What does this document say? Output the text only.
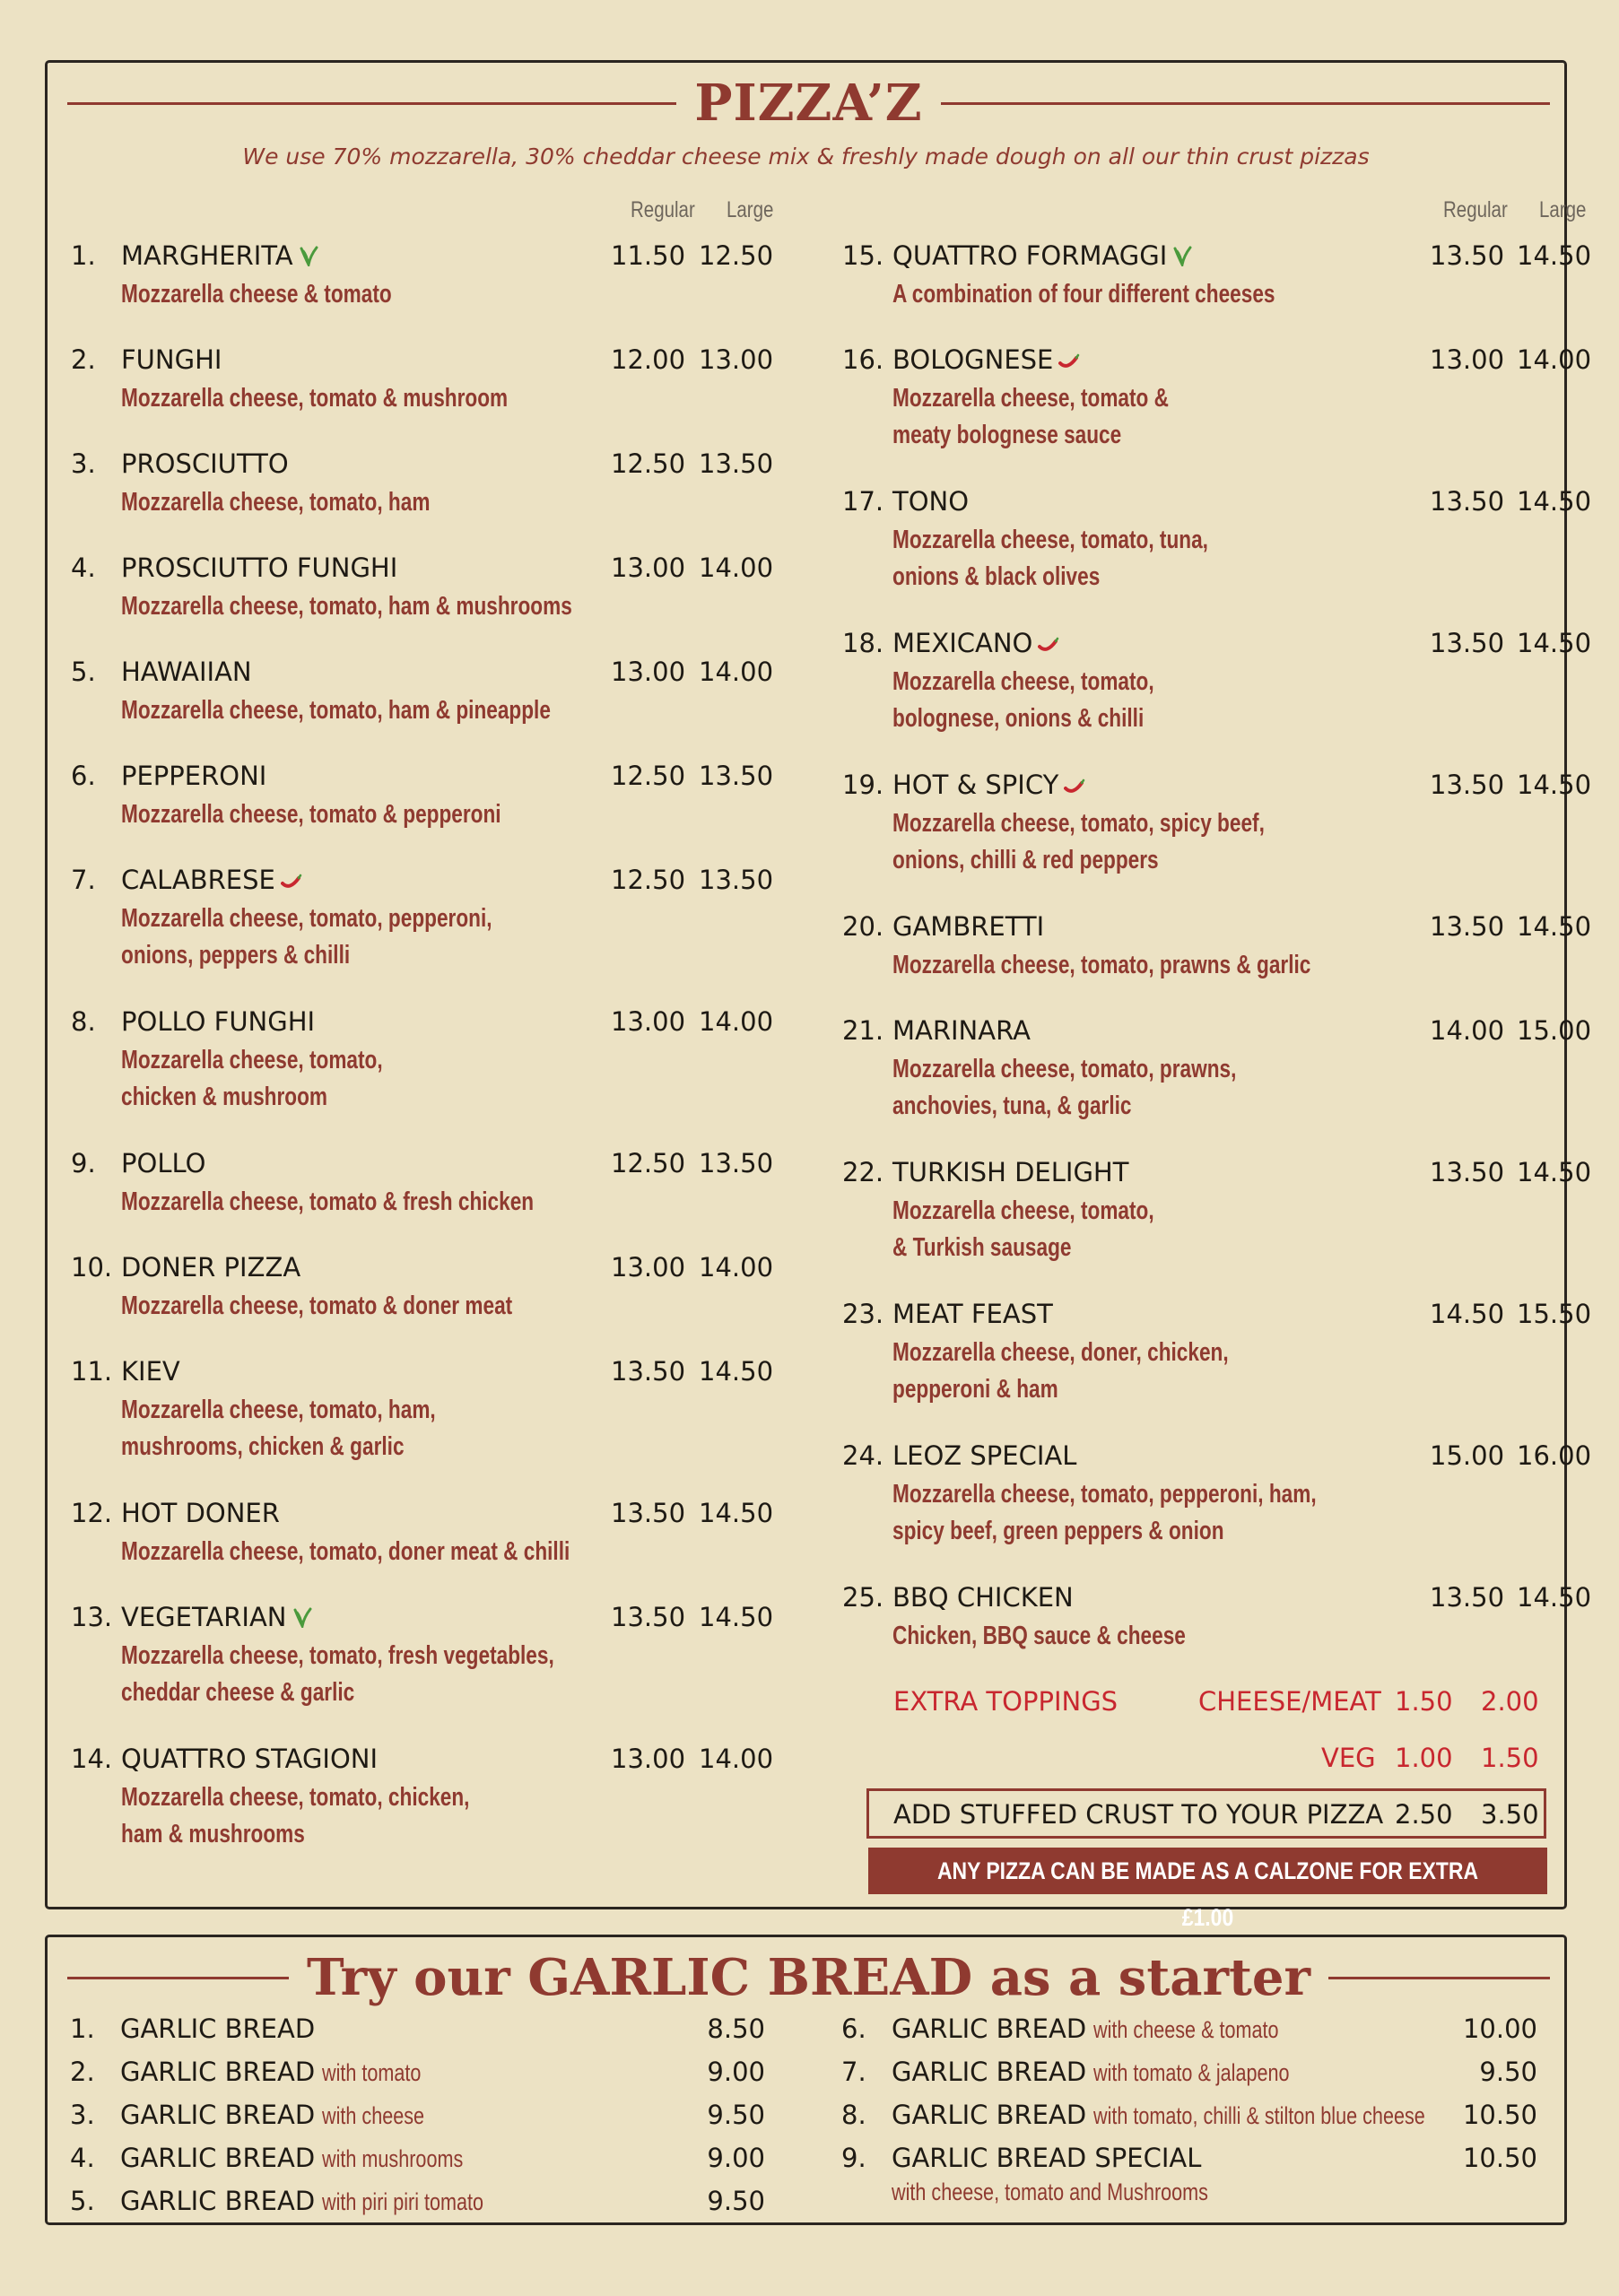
PIZZA’Z
We use 70% mozzarella, 30% cheddar cheese mix & freshly made dough on all our thin crust pizzas
Regular Large
1. MARGHERITA	11.50 12.50
Mozzarella cheese & tomato
2. FUNGHI	12.00 13.00
Mozzarella cheese, tomato & mushroom
3. PROSCIUTTO	12.50 13.50
Mozzarella cheese, tomato, ham
4. PROSCIUTTO FUNGHI	13.00 14.00
Mozzarella cheese, tomato, ham & mushrooms
5. HAWAIIAN	13.00 14.00
Mozzarella cheese, tomato, ham & pineapple
6. PEPPERONI	12.50 13.50
Mozzarella cheese, tomato & pepperoni
7. CALABRESE	12.50 13.50
Mozzarella cheese, tomato, pepperoni,
onions, peppers & chilli
8. POLLO FUNGHI	13.00 14.00
Mozzarella cheese, tomato,
chicken & mushroom
9. POLLO	12.50 13.50
Mozzarella cheese, tomato & fresh chicken
10. DONER PIZZA	13.00 14.00
Mozzarella cheese, tomato & doner meat
11. KIEV	13.50 14.50
Mozzarella cheese, tomato, ham,
mushrooms, chicken & garlic
12. HOT DONER	13.50 14.50
Mozzarella cheese, tomato, doner meat & chilli
13. VEGETARIAN	13.50 14.50
Mozzarella cheese, tomato, fresh vegetables,
cheddar cheese & garlic
14. QUATTRO STAGIONI	13.00 14.00
Mozzarella cheese, tomato, chicken,
ham & mushrooms
Regular Large
15. QUATTRO FORMAGGI	13.50 14.50
A combination of four different cheeses
16. BOLOGNESE	13.00 14.00
Mozzarella cheese, tomato &
meaty bolognese sauce
17. TONO	13.50 14.50
Mozzarella cheese, tomato, tuna,
onions & black olives
18. MEXICANO	13.50 14.50
Mozzarella cheese, tomato,
bolognese, onions & chilli
19. HOT & SPICY	13.50 14.50
Mozzarella cheese, tomato, spicy beef,
onions, chilli & red peppers
20. GAMBRETTI	13.50 14.50
Mozzarella cheese, tomato, prawns & garlic
21. MARINARA	14.00 15.00
Mozzarella cheese, tomato, prawns,
anchovies, tuna, & garlic
22. TURKISH DELIGHT	13.50 14.50
Mozzarella cheese, tomato,
& Turkish sausage
23. MEAT FEAST	14.50 15.50
Mozzarella cheese, doner, chicken,
pepperoni & ham
24. LEOZ SPECIAL	15.00 16.00
Mozzarella cheese, tomato, pepperoni, ham,
spicy beef, green peppers & onion
25. BBQ CHICKEN	13.50 14.50
Chicken, BBQ sauce & cheese
EXTRA TOPPINGS	CHEESE/MEAT 1.50 2.00
VEG 1.00 1.50
ADD STUFFED CRUST TO YOUR PIZZA 2.50 3.50
ANY PIZZA CAN BE MADE AS A CALZONE FOR EXTRA £1.00
Try our GARLIC BREAD as a starter
1. GARLIC BREAD	8.50
2. GARLIC BREAD with tomato	9.00
3. GARLIC BREAD with cheese	9.50
4. GARLIC BREAD with mushrooms	9.00
5. GARLIC BREAD with piri piri tomato	9.50
6. GARLIC BREAD with cheese & tomato	10.00
7. GARLIC BREAD with tomato & jalapeno	9.50
8. GARLIC BREAD with tomato, chilli & stilton blue cheese	10.50
9. GARLIC BREAD SPECIAL	10.50
with cheese, tomato and Mushrooms
